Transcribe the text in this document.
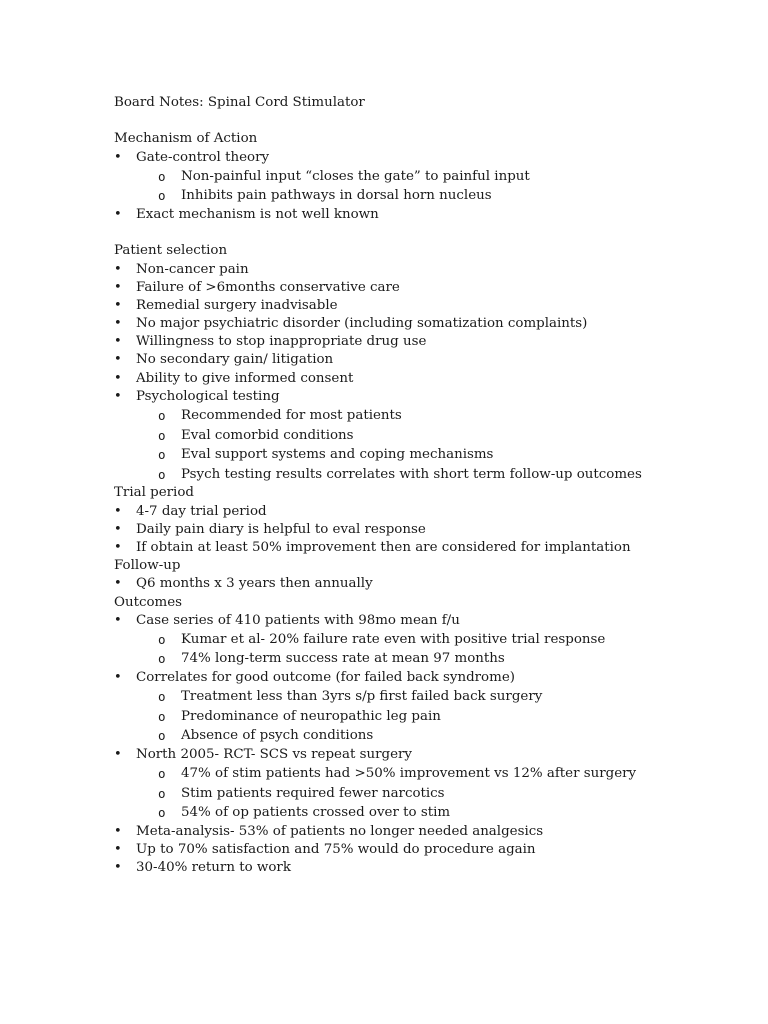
Board Notes: Spinal Cord Stimulator
Mechanism of Action
• Gate-control theory
o Non-painful input “closes the gate” to painful input
o Inhibits pain pathways in dorsal horn nucleus
• Exact mechanism is not well known
Patient selection
• Non-cancer pain
• Failure of >6months conservative care
• Remedial surgery inadvisable
• No major psychiatric disorder (including somatization complaints)
• Willingness to stop inappropriate drug use
• No secondary gain/ litigation
• Ability to give informed consent
• Psychological testing
o Recommended for most patients
o Eval comorbid conditions
o Eval support systems and coping mechanisms
o Psych testing results correlates with short term follow-up outcomes
Trial period
• 4-7 day trial period
• Daily pain diary is helpful to eval response
• If obtain at least 50% improvement then are considered for implantation
Follow-up
• Q6 months x 3 years then annually
Outcomes
• Case series of 410 patients with 98mo mean f/u
o Kumar et al- 20% failure rate even with positive trial response
o 74% long-term success rate at mean 97 months
• Correlates for good outcome (for failed back syndrome)
o Treatment less than 3yrs s/p first failed back surgery
o Predominance of neuropathic leg pain
o Absence of psych conditions
• North 2005- RCT- SCS vs repeat surgery
o 47% of stim patients had >50% improvement vs 12% after surgery
o Stim patients required fewer narcotics
o 54% of op patients crossed over to stim
• Meta-analysis- 53% of patients no longer needed analgesics
• Up to 70% satisfaction and 75% would do procedure again
• 30-40% return to work
